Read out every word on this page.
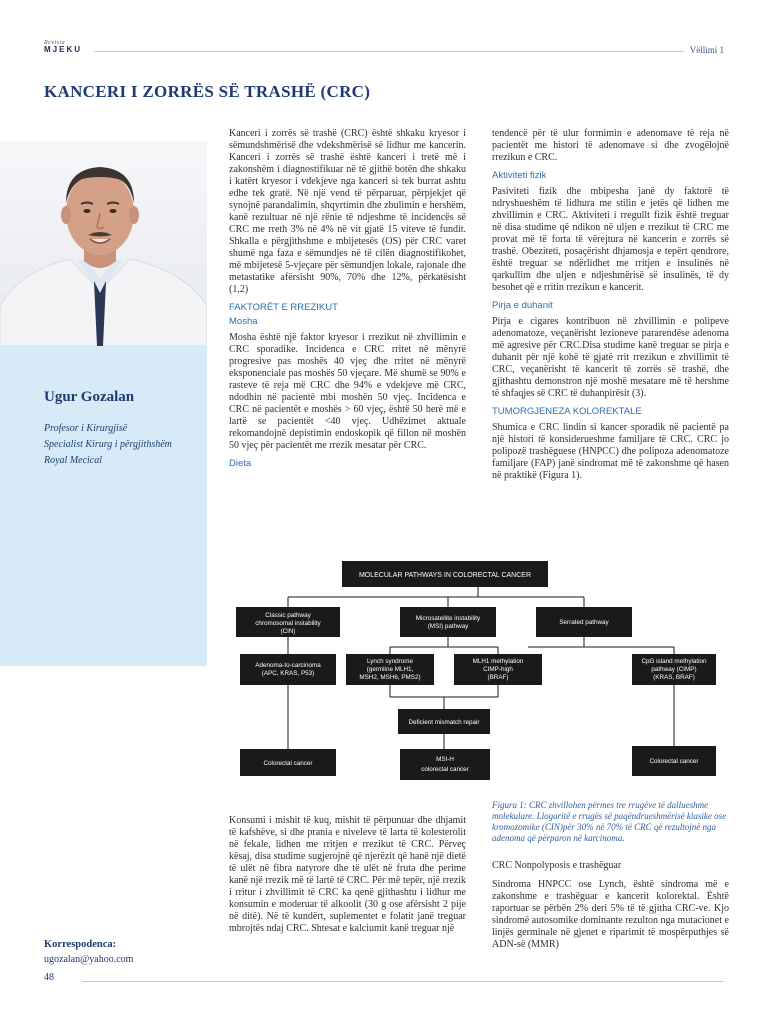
Revista
MJEKU	Vëllimi 1
KANCERI I ZORRËS SË TRASHË (CRC)
Ugur Gozalan
Profesor i Kirurgjisë
Specialist Kirurg i përgjithshëm
Royal Mecical

Kanceri i zorrës së trashë (CRC) është shkaku kryesor i sëmundshmërisë dhe vdekshmërisë së lidhur me kancerin. Kanceri i zorrës së trashë është kanceri i tretë më i zakonshëm i diagnostifikuar në të gjithë botën dhe shkaku i katërt kryesor i vdekjeve nga kanceri si tek burrat ashtu edhe tek gratë. Në një vend të përparuar, përpjekjet që synojnë parandalimin, shqyrtimin dhe zbulimin e hershëm, kanë rezultuar në një rënie të ndjeshme të incidencës së CRC me rreth 3% në 4% në vit gjatë 15 viteve të fundit. Shkalla e përgjithshme e mbijetesës (OS) për CRC varet shumë nga faza e sëmundjes në të cilën diagnostifikohet, më mbijetesë 5-vjeçare për sëmundjen lokale, rajonale dhe metastatike afërsisht 90%, 70% dhe 12%, përkatësisht (1,2)

FAKTORËT E RREZIKUT
Mosha

Mosha është një faktor kryesor i rrezikut në zhvillimin e CRC sporadike. Incidenca e CRC rritet në mënyrë progresive pas moshës 40 vjeç dhe rritet në mënyrë eksponenciale pas moshës 50 vjeçare. Më shumë se 90% e rasteve të reja më CRC dhe 94% e vdekjeve më CRC, ndodhin në pacientë mbi moshën 50 vjeç. Incidenca e CRC në pacientët e moshës > 60 vjeç, është 50 herë më e lartë se pacientët <40 vjeç. Udhëzimet aktuale rekomandojnë depistimin endoskopik që fillon në moshën 50 vjeç për pacientët me rrezik mesatar për CRC.

Dieta

tendencë për të ulur formimin e adenomave të reja në pacientët me histori të adenomave si dhe zvogëlojnë rrezikun e CRC.

Aktiviteti fizik

Pasiviteti fizik dhe mbipesha janë dy faktorë të ndryshueshëm të lidhura me stilin e jetës që lidhen me zhvillimin e CRC. Aktiviteti i rregullt fizik është treguar në disa studime që ndikon në uljen e rrezikut të CRC me provat më të forta të vërejtura në kancerin e zorrës së trashë. Obeziteti, posaçërisht dhjamosja e tepërt qendrore, është treguar se ndërlidhet me rritjen e insulinës në qarkullim dhe uljen e ndjeshmërisë së insulinës, të dy besohet që e rritin rrezikun e kancerit.

Pirja e duhanit

Pirja e cigares kontribuon në zhvillimin e polipeve adenomatoze, veçanërisht lezioneve pararendëse adenoma më agresive për CRC.Disa studime kanë treguar se pirja e duhanit për një kohë të gjatë rrit rrezikun e zhvillimit të CRC, veçanërisht të kancerit të zorrës së trashë, dhe gjithashtu demonstron një moshë mesatare më të hershme të shfaqjes së CRC të duhanpirësit (3).

TUMORGJENEZA KOLOREKTALE

Shumica e CRC lindin si kancer sporadik në pacientë pa një histori të konsiderueshme familjare të CRC. CRC jo polipozë trashëguese (HNPCC) dhe polipoza adenomatoze familjare (FAP) janë sindromat më të zakonshme që hasen në praktikë (Figura 1).

MOLECULAR PATHWAYS IN COLORECTAL CANCER
Classic pathway
chromosomal instability
(CIN)
Microsatellite instability
(MSI) pathway
Serrated pathway
Adenoma-to-carcinoma
(APC, KRAS, P53)
Lynch syndrome
(germline MLH1,
MSH2, MSH6, PMS2)
MLH1 methylation
CIMP-high
(BRAF)
CpG island methylation
pathway (CIMP)
(KRAS, BRAF)
Deficient mismatch repair
Colorectal cancer
MSI-H
colorectal cancer
Colorectal cancer

Konsumi i mishit të kuq, mishit të përpunuar dhe dhjamit të kafshëve, si dhe prania e niveleve të larta të kolesterolit në fekale, lidhen me rritjen e rrezikut të CRC. Përveç kësaj, disa studime sugjerojnë që njerëzit që hanë një dietë të ulët në fibra natyrore dhe të ulët në fruta dhe perime kanë një rrezik më të lartë të CRC. Për më tepër, një rrezik i rritur i zhvillimit të CRC ka qenë gjithashtu i lidhur me konsumin e moderuar të alkoolit (30 g ose afërsisht 2 pije në ditë). Në të kundërt, suplementet e folatit janë treguar mbrojtës ndaj CRC. Shtesat e kalciumit kanë treguar një

Figura 1: CRC zhvillohen përmes tre rrugëve të dallueshme molekulare. Llogaritë e rrugës së paqëndrueshmërisë klasike ose kromozomike (CIN)për 30% në 70% të CRC që rezultojnë nga adenoma që përparon në karcinoma.

CRC Nonpolyposis e trashëguar

Sindroma HNPCC ose Lynch, është sindroma më e zakonshme e trashëguar e kancerit kolorektal. Është raportuar se përbën 2% deri 5% të të gjitha CRC-ve. Kjo sindromë autosomike dominante rezulton nga mutacionet e linjës germinale në gjenet e riparimit të mospërputhjes së ADN-së (MMR)

Korrespodenca:
ugozalan@yahoo.com
48
